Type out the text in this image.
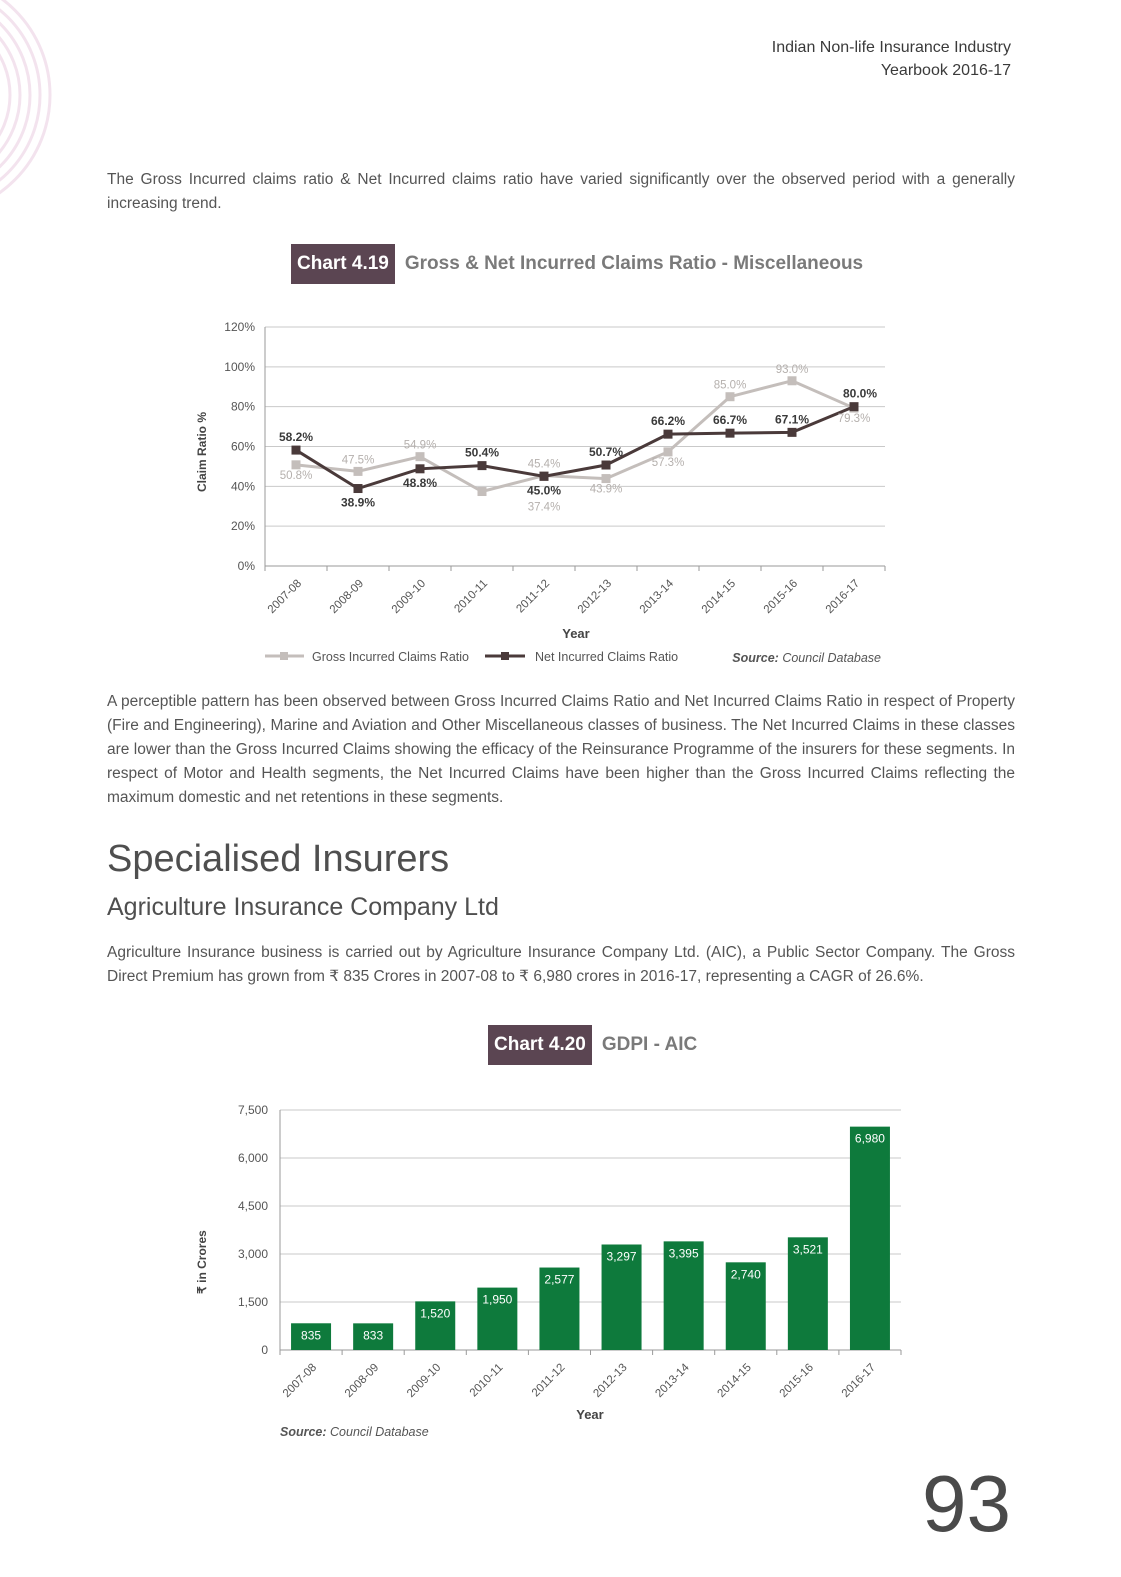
Indian Non-life Insurance Industry
Yearbook 2016-17

The Gross Incurred claims ratio & Net Incurred claims ratio have varied significantly over the observed period with a generally increasing trend.

Chart 4.19 Gross & Net Incurred Claims Ratio - Miscellaneous
Claim Ratio %
Year
Gross Incurred Claims Ratio	Net Incurred Claims Ratio	Source: Council Database
0%
20%
40%
60%
80%
100%
120%
2007-08 2008-09 2009-10 2010-11 2011-12 2012-13 2013-14 2014-15 2015-16 2016-17
50.8%
47.5%
54.9%
45.4%
43.9%
57.3%
85.0%
93.0%
79.3%
58.2%
38.9%
48.8%
50.4%
45.0%
50.7%
66.2% 66.7% 67.1%
80.0%
37.4%

A perceptible pattern has been observed between Gross Incurred Claims Ratio and Net Incurred Claims Ratio in respect of Property (Fire and Engineering), Marine and Aviation and Other Miscellaneous classes of business. The Net Incurred Claims in these classes are lower than the Gross Incurred Claims showing the efficacy of the Reinsurance Programme of the insurers for these segments. In respect of Motor and Health segments, the Net Incurred Claims have been higher than the Gross Incurred Claims reflecting the maximum domestic and net retentions in these segments.

Specialised Insurers
Agriculture Insurance Company Ltd

Agriculture Insurance business is carried out by Agriculture Insurance Company Ltd. (AIC), a Public Sector Company. The Gross Direct Premium has grown from ₹ 835 Crores in 2007-08 to ₹ 6,980 crores in 2016-17, representing a CAGR of 26.6%.

Chart 4.20 GDPI - AIC
₹ in Crores
Year
Source: Council Database
0
1,500
3,000
4,500
6,000
7,500
835	833
1,520
1,950
2,577
3,297	3,395
2,740
3,521
6,980
2007-08 2008-09 2009-10 2010-11 2011-12 2012-13 2013-14 2014-15 2015-16 2016-17
93
